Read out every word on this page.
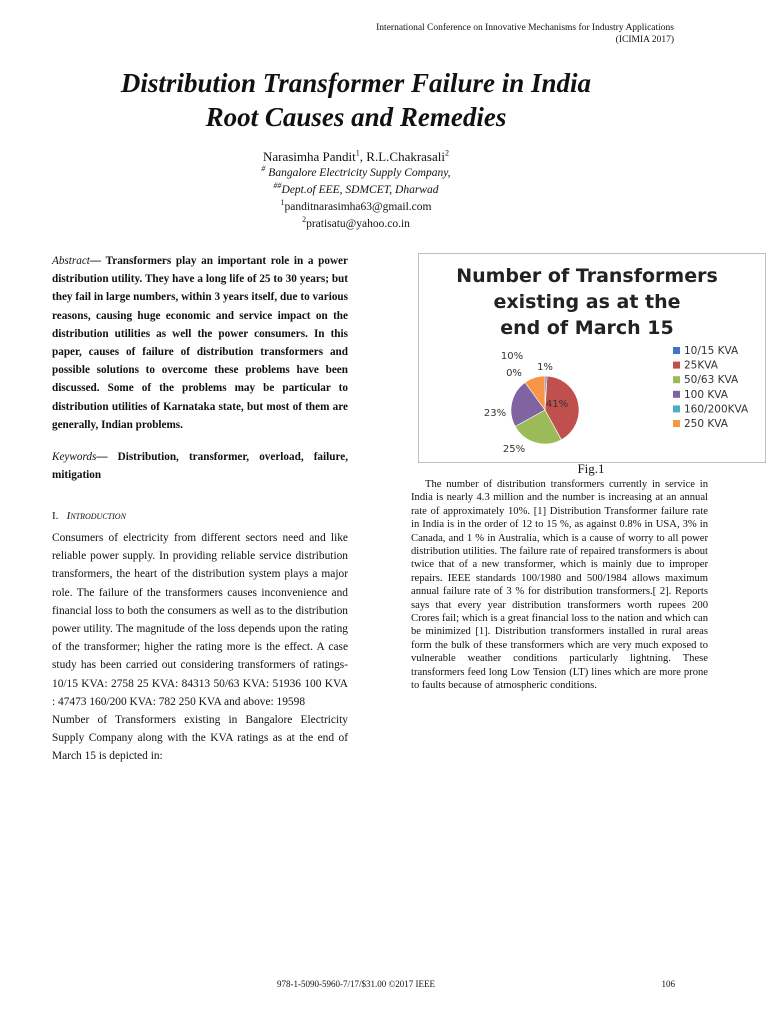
International Conference on Innovative Mechanisms for Industry Applications
(ICIMIA 2017)
Distribution Transformer Failure in India
Root Causes and Remedies
Narasimha Pandit$^1$, R.L.Chakrasali$^2$
# Bangalore Electricity Supply Company,
##Dept.of EEE, SDMCET, Dharwad
$^1$panditnarasimha63@gmail.com
$^2$pratisatu@yahoo.co.in
Abstract— Transformers play an important role in a power distribution utility. They have a long life of 25 to 30 years; but they fail in large numbers, within 3 years itself, due to various reasons, causing huge economic and service impact on the distribution utilities as well the power consumers. In this paper, causes of failure of distribution transformers and possible solutions to overcome these problems have been discussed. Some of the problems may be particular to distribution utilities of Karnataka state, but most of them are generally, Indian problems.
Keywords— Distribution, transformer, overload, failure, mitigation
I. Introduction

Consumers of electricity from different sectors need and like reliable power supply. In providing reliable service distribution transformers, the heart of the distribution system plays a major role. The failure of the transformers causes inconvenience and financial loss to both the consumers as well as to the distribution power utility. The magnitude of the loss depends upon the rating of the transformer; higher the rating more is the effect. A case study has been carried out considering transformers of ratings-10/15 KVA: 2758 25 KVA: 84313 50/63 KVA: 51936 100 KVA : 47473 160/200 KVA: 782 250 KVA and above: 19598

Number of Transformers existing in Bangalore Electricity Supply Company along with the KVA ratings as at the end of March 15 is depicted in:

Number of Transformers
existing as at the
end of March 15
1%
41%
25%
23%
0%
10%	10/15 KVA
25KVA
50/63 KVA
100 KVA
160/200KVA
250 KVA
Fig.1
The number of distribution transformers currently in service in India is nearly 4.3 million and the number is increasing at an annual rate of approximately 10%. [1] Distribution Transformer failure rate in India is in the order of 12 to 15 %, as against 0.8% in USA, 3% in Canada, and 1 % in Australia, which is a cause of worry to all power distribution utilities. The failure rate of repaired transformers is about twice that of a new transformer, which is mainly due to improper repairs. IEEE standards 100/1980 and 500/1984 allows maximum annual failure rate of 3 % for distribution transformers.[ 2]. Reports says that every year distribution transformers worth rupees 200 Crores fail; which is a great financial loss to the nation and which can be minimized [1]. Distribution transformers installed in rural areas form the bulk of these transformers which are very much exposed to vulnerable weather conditions particularly lightning. These transformers feed long Low Tension (LT) lines which are more prone to faults because of atmospheric conditions.
978-1-5090-5960-7/17/$31.00 ©2017 IEEE	106
